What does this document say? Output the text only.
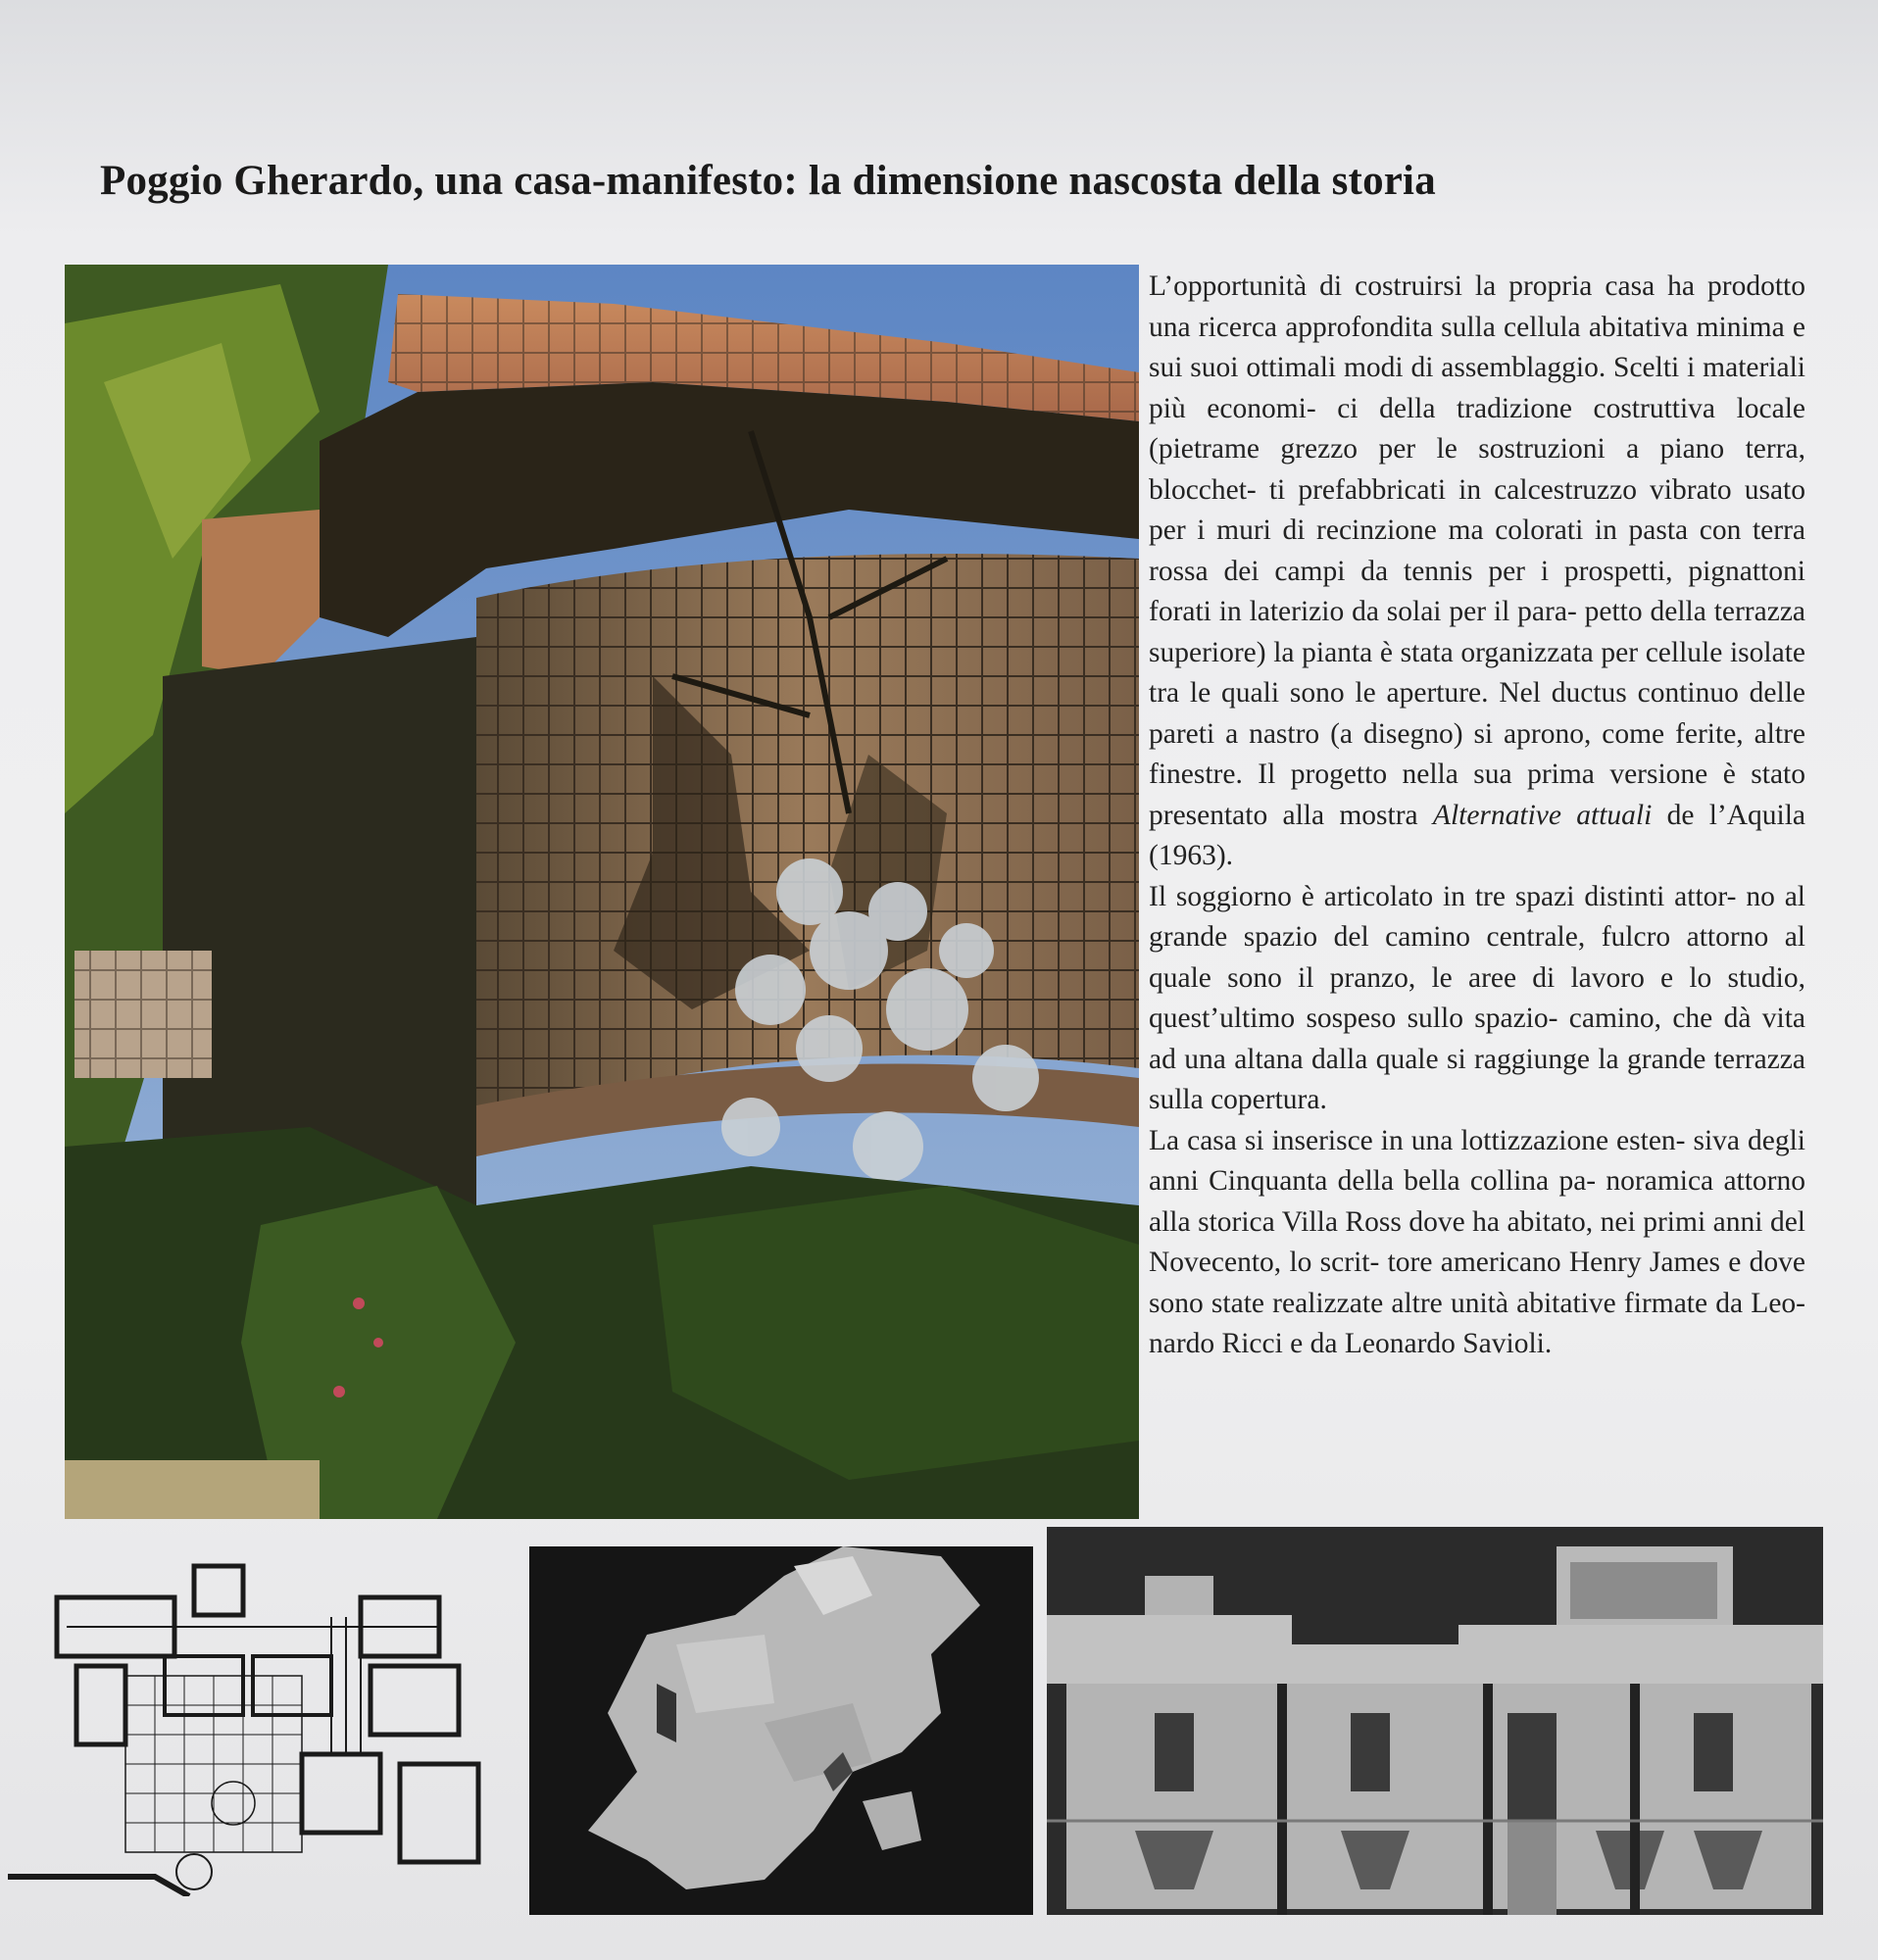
Poggio Gherardo, una casa-manifesto: la dimensione nascosta della storia

L’opportunità di costruirsi la propria casa ha prodotto una ricerca approfondita sulla cellula abitativa minima e sui suoi ottimali modi di assemblaggio. Scelti i materiali più economi- ci della tradizione costruttiva locale (pietrame grezzo per le sostruzioni a piano terra, blocchet- ti prefabbricati in calcestruzzo vibrato usato per i muri di recinzione ma colorati in pasta con terra rossa dei campi da tennis per i prospetti, pignattoni forati in laterizio da solai per il para- petto della terrazza superiore) la pianta è stata organizzata per cellule isolate tra le quali sono le aperture. Nel ductus continuo delle pareti a nastro (a disegno) si aprono, come ferite, altre finestre. Il progetto nella sua prima versione è stato presentato alla mostra Alternative attuali de l’Aquila (1963).

Il soggiorno è articolato in tre spazi distinti attor- no al grande spazio del camino centrale, fulcro attorno al quale sono il pranzo, le aree di lavoro e lo studio, quest’ultimo sospeso sullo spazio- camino, che dà vita ad una altana dalla quale si raggiunge la grande terrazza sulla copertura.

La casa si inserisce in una lottizzazione esten- siva degli anni Cinquanta della bella collina pa- noramica attorno alla storica Villa Ross dove ha abitato, nei primi anni del Novecento, lo scrit- tore americano Henry James e dove sono state realizzate altre unità abitative firmate da Leo- nardo Ricci e da Leonardo Savioli.
